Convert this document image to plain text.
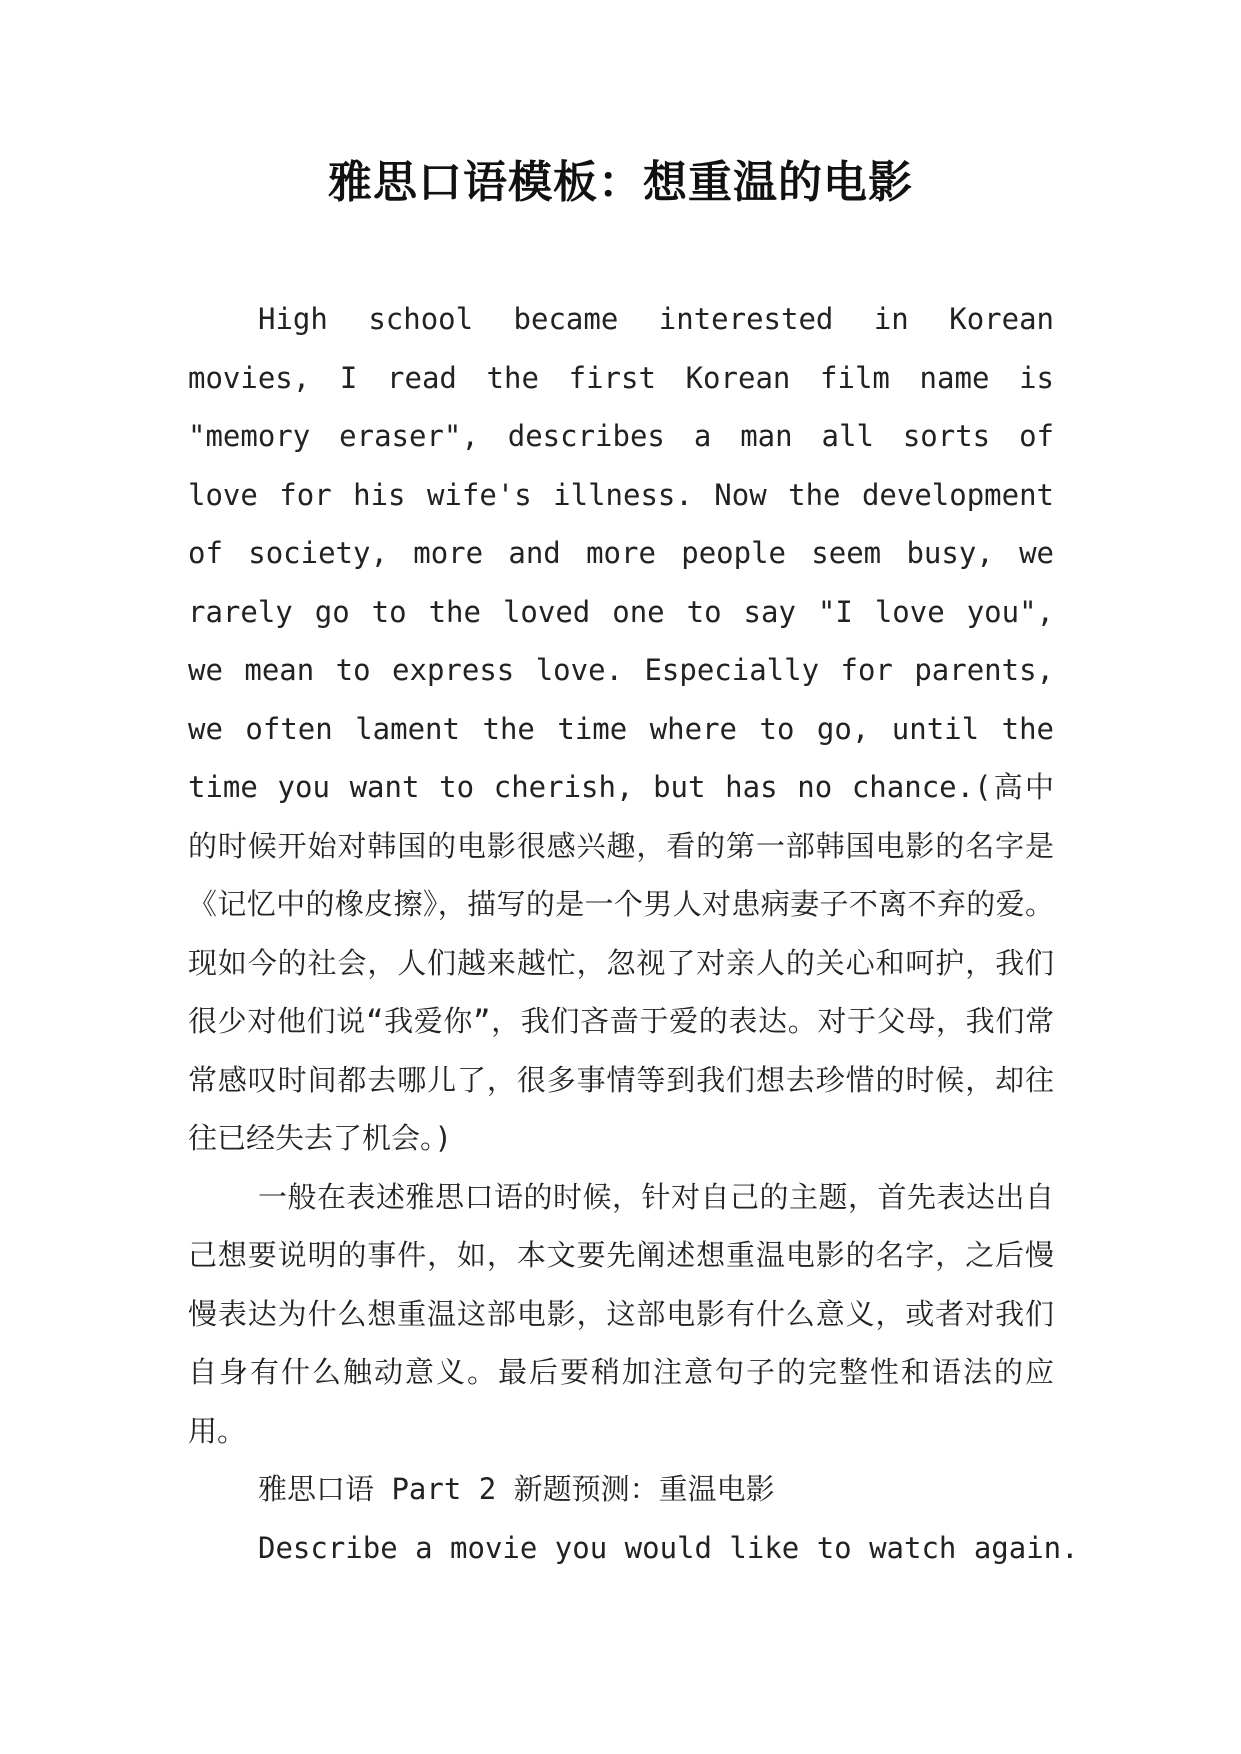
雅思口语模板：想重温的电影

High school became interested in Korean movies, I read the first Korean film name is "memory eraser", describes a man all sorts of love for his wife's illness. Now the development of society, more and more people seem busy, we rarely go to the loved one to say "I love you", we mean to express love. Especially for parents, we often lament the time where to go, until the time you want to cherish, but has no chance.(高中的时候开始对韩国的电影很感兴趣，看的第一部韩国电影的名字是《记忆中的橡皮擦》，描写的是一个男人对患病妻子不离不弃的爱。现如今的社会，人们越来越忙，忽视了对亲人的关心和呵护，我们很少对他们说“我爱你”，我们吝啬于爱的表达。对于父母，我们常常感叹时间都去哪儿了，很多事情等到我们想去珍惜的时候，却往往已经失去了机会。)

一般在表述雅思口语的时候，针对自己的主题，首先表达出自己想要说明的事件，如，本文要先阐述想重温电影的名字，之后慢慢表达为什么想重温这部电影，这部电影有什么意义，或者对我们自身有什么触动意义。最后要稍加注意句子的完整性和语法的应用。

雅思口语 Part 2 新题预测：重温电影

Describe a movie you would like to watch again.
